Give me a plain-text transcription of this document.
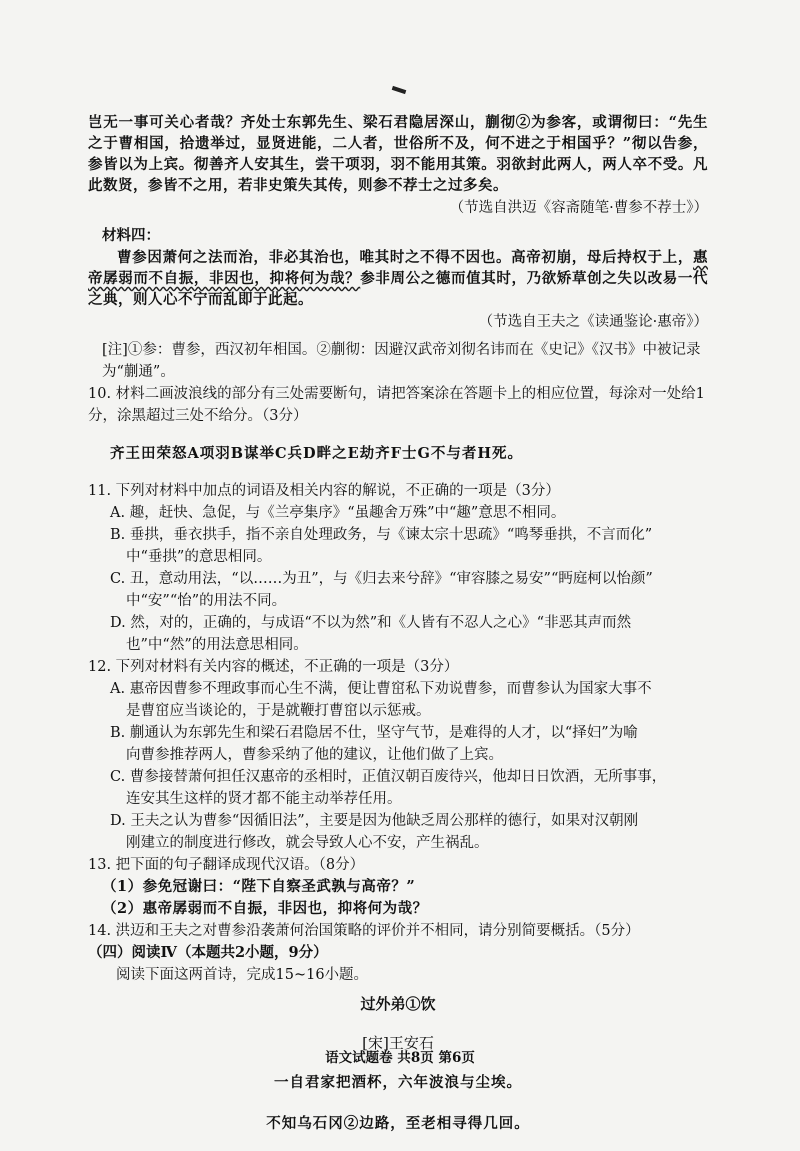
岂无一事可关心者哉？齐处士东郭先生、梁石君隐居深山，蒯彻②为参客，或谓彻曰：“先生之于曹相国，拾遗举过，显贤进能，二人者，世俗所不及，何不进之于相国乎？”彻以告参，参皆以为上宾。彻善齐人安其生，尝干项羽，羽不能用其策。羽欲封此两人，两人卒不受。凡此数贤，参皆不之用，若非史策失其传，则参不荐士之过多矣。

（节选自洪迈《容斋随笔·曹参不荐士》）

材料四：

曹参因萧何之法而治，非必其治也，唯其时之不得不因也。高帝初崩，母后持权于上，惠帝孱弱而不自振，非因也，抑将何为哉？参非周公之德而值其时，乃欲矫草创之失以改易一代之典，则人心不宁而乱即于此起。

（节选自王夫之《读通鉴论·惠帝》）

[注]①参：曹参，西汉初年相国。②蒯彻：因避汉武帝刘彻名讳而在《史记》《汉书》中被记录为“蒯通”。

10. 材料二画波浪线的部分有三处需要断句，请把答案涂在答题卡上的相应位置，每涂对一处给1分，涂黑超过三处不给分。（3分）

齐王田荣怒A项羽B谋举C兵D畔之E劫齐F士G不与者H死。

11. 下列对材料中加点的词语及相关内容的解说，不正确的一项是（3分）

A. 趣，赶快、急促，与《兰亭集序》“虽趣舍万殊”中“趣”意思不相同。
B. 垂拱，垂衣拱手，指不亲自处理政务，与《谏太宗十思疏》“鸣琴垂拱，不言而化”
中“垂拱”的意思相同。
C. 丑，意动用法，“以……为丑”，与《归去来兮辞》“审容膝之易安”“眄庭柯以怡颜”
中“安”“怡”的用法不同。
D. 然，对的，正确的，与成语“不以为然”和《人皆有不忍人之心》“非恶其声而然
也”中“然”的用法意思相同。

12. 下列对材料有关内容的概述，不正确的一项是（3分）

A. 惠帝因曹参不理政事而心生不满，便让曹窋私下劝说曹参，而曹参认为国家大事不
是曹窋应当谈论的，于是就鞭打曹窋以示惩戒。
B. 蒯通认为东郭先生和梁石君隐居不仕，坚守气节，是难得的人才，以“择妇”为喻
向曹参推荐两人，曹参采纳了他的建议，让他们做了上宾。
C. 曹参接替萧何担任汉惠帝的丞相时，正值汉朝百废待兴，他却日日饮酒，无所事事，
连安其生这样的贤才都不能主动举荐任用。
D. 王夫之认为曹参“因循旧法”，主要是因为他缺乏周公那样的德行，如果对汉朝刚
刚建立的制度进行修改，就会导致人心不安，产生祸乱。

13. 把下面的句子翻译成现代汉语。（8分）

（1）参免冠谢曰：“陛下自察圣武孰与高帝？”

（2）惠帝孱弱而不自振，非因也，抑将何为哉？

14. 洪迈和王夫之对曹参沿袭萧何治国策略的评价并不相同，请分别简要概括。（5分）

（四）阅读Ⅳ（本题共2小题，9分）

阅读下面这两首诗，完成15~16小题。

过外弟①饮

[宋]王安石

一自君家把酒杯，六年波浪与尘埃。

不知乌石冈②边路，至老相寻得几回。

语文试题卷 共8页 第6页
